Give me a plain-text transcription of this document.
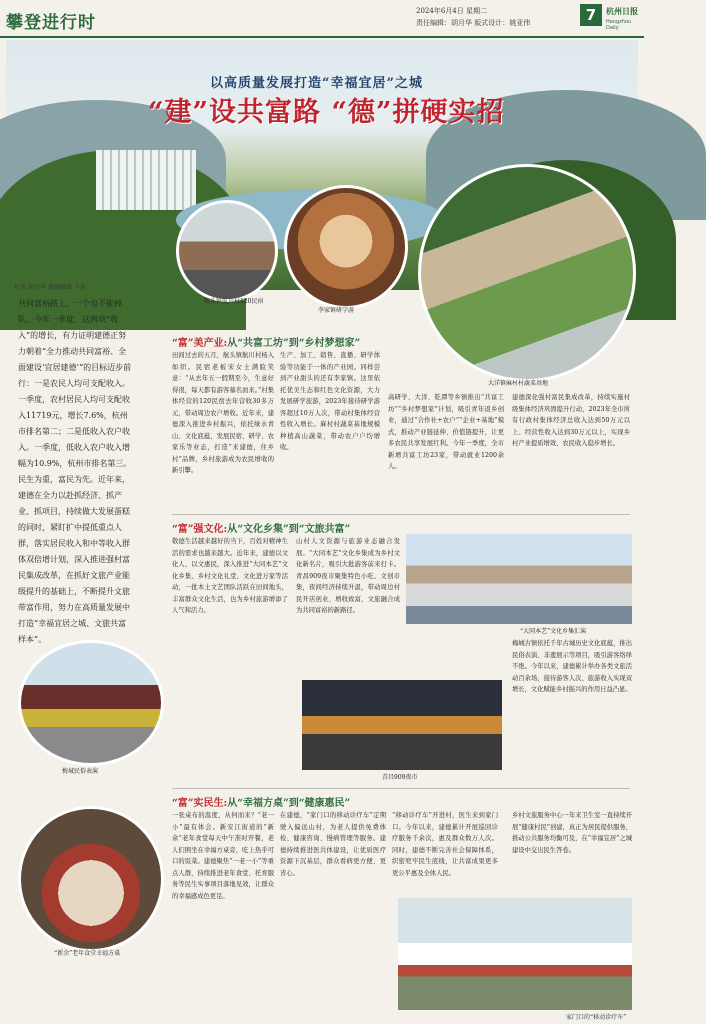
攀登进行时
2024年6月4日 星期二
责任编辑：胡月华 版式设计：姚亚伟	7	杭州日报
Hangzhou Daily
以高质量发展打造“幸福宜居”之城
“建”设共富路 “德”拼硬实招
航头镇航川村120民宿
李家镇研学游
大洋镇麻村村蔬菜基地
记者 胡月华 建德融媒 卜金
共同富裕路上，一个也不能掉队。今年一季度，这两项“收入”的增长，有力证明建德正努力朝着“全力推动共同富裕、全面建设‘宜居建德’”的目标迈步前行：一是农民人均可支配收入。一季度，农村居民人均可支配收入11719元，增长7.6%，杭州市排名第二；二是低收入农户收入。一季度，低收入农户收入增幅为10.9%，杭州市排名第三。
民生为重，富民为先。近年来，建德在全力以赴抓经济、抓产业、抓项目，持续做大发展蛋糕的同时，紧盯扩中提低重点人群，落实居民收入和中等收入群体双倍增计划，深入推进强村富民集成改革，在抓好文旅产业能级提升的基础上，不断提升文旅带富作用，努力在高质量发展中打造“幸福宜居之城、文旅共富样本”。
梅城民俗表演
“富”美产业:从“共富工坊”到“乡村梦想家”
田间过去的五月，航头镇航川村杨入如织。民宿老板宋女士满脸笑意：“从去年五一假期至今，生意好得很，每天都有游客慕名而来。”村集体经营的120民宿去年营收30多万元，带动周边农户增收。近年来，建德深入推进乡村振兴，依托绿水青山、文化底蕴，发展民宿、研学、农家乐等业态，打造“来建德，住乡村”品牌，乡村旅游成为农民增收的新引擎。
生产、加工、销售、直播、研学体验等功能于一体的产业园。同样尝到产业甜头的还有李家镇。这里依托优美生态和红色文化资源，大力发展研学旅游，2023年接待研学游客超过10万人次，带动村集体经营性收入增长。麻村村蔬菜基地规模种植高山蔬菜，带动农户户均增收。
高研学、大洋、乾潭等乡镇推出“共富工坊”“乡村梦想家”计划，吸引青年返乡创业，通过“合作社+农户”“企业+基地”模式，推动产业链延伸、价值链提升，让更多农民共享发展红利。今年一季度，全市新增共富工坊23家，带动就业1200余人。
建德深化强村富民集成改革，持续实施村级集体经济巩固提升行动，2023年全市所有行政村集体经济总收入达到50万元以上、经营性收入达到30万元以上，实现乡村产业提质增效、农民收入稳步增长。
“富”强文化:从“文化乡集”到“文旅共富”
敬德生活越来越好的当下，百姓对精神生活的需求也越来越大。近年来，建德以文化人、以文惠民，深入推进“大同本艺”文化乡集、乡村文化礼堂、文化进万家等活动，一批本土文艺团队活跃在田间地头，丰富群众文化生活，也为乡村旅游增添了人气和活力。
山村人文资源与旅游业态融合发展。“大同本艺”文化乡集成为乡村文化新名片，吸引大批游客前来打卡。青昌909夜市聚集特色小吃、文创市集，夜间经济持续升温，带动周边村民开店创业、增收致富，文旅融合成为共同富裕的新路径。
“大同本艺”文化乡集汇演
梅城古镇依托千年古城历史文化底蕴，推出民俗表演、非遗展示等项目，吸引游客络绎不绝。今年以来，建德累计举办各类文旅活动百余场，接待游客人次、旅游收入实现双增长，文化赋能乡村振兴的作用日益凸显。
青昌909夜市
“富”实民生:从“幸福方桌”到“健康惠民”
“新余”老年食堂幸福方桌
一张桌布的温度，从何而来？“老一小”最有体会。新安江街道的“新余”老年食堂每天中午准时开餐，老人们围坐在幸福方桌旁，吃上热乎可口的饭菜。建德聚焦“一老一小”等重点人群，持续推进老年食堂、托育服务等民生实事项目落地见效，让群众的幸福感成色更足。
在建德，“家门口的移动诊疗车”定期驶入偏远山村，为老人提供免费体检、健康咨询、慢病管理等服务。建德持续推进医共体建设，让优质医疗资源下沉基层，群众看病更方便、更省心。
“移动诊疗车”开进村，医生来到家门口。今年以来，建德累计开展巡回诊疗服务千余次，惠及群众数万人次。同时，建德不断完善社会保障体系，织密兜牢民生底线，让共富成果更多更公平惠及全体人民。
乡村文旅服务中心一年来卫生室一直持续开展“健康村民”创建，真正为居民提供服务，推动公共服务均衡可及，在“幸福宜居”之城建设中交出民生答卷。
家门口的“移动诊疗车”
